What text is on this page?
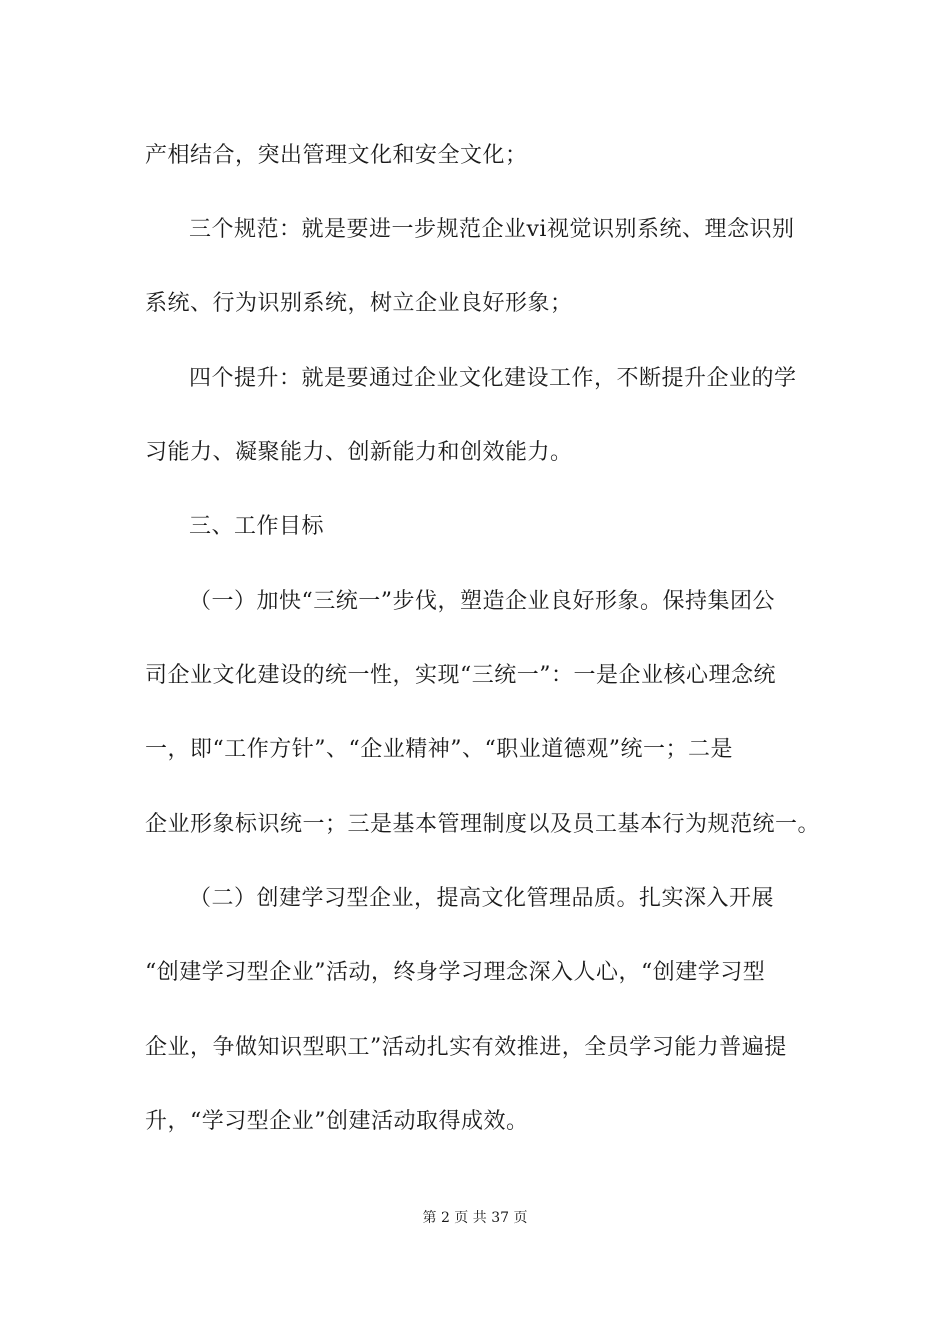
产相结合，突出管理文化和安全文化；
三个规范：就是要进一步规范企业vi视觉识别系统、理念识别
系统、行为识别系统，树立企业良好形象；
四个提升：就是要通过企业文化建设工作，不断提升企业的学
习能力、凝聚能力、创新能力和创效能力。
三、工作目标
（一）加快“三统一”步伐，塑造企业良好形象。保持集团公
司企业文化建设的统一性，实现“三统一”：一是企业核心理念统
一，即“工作方针”、“企业精神”、“职业道德观”统一；二是
企业形象标识统一；三是基本管理制度以及员工基本行为规范统一。
（二）创建学习型企业，提高文化管理品质。扎实深入开展
“创建学习型企业”活动，终身学习理念深入人心，“创建学习型
企业，争做知识型职工”活动扎实有效推进，全员学习能力普遍提
升，“学习型企业”创建活动取得成效。
第 2 页 共 37 页
